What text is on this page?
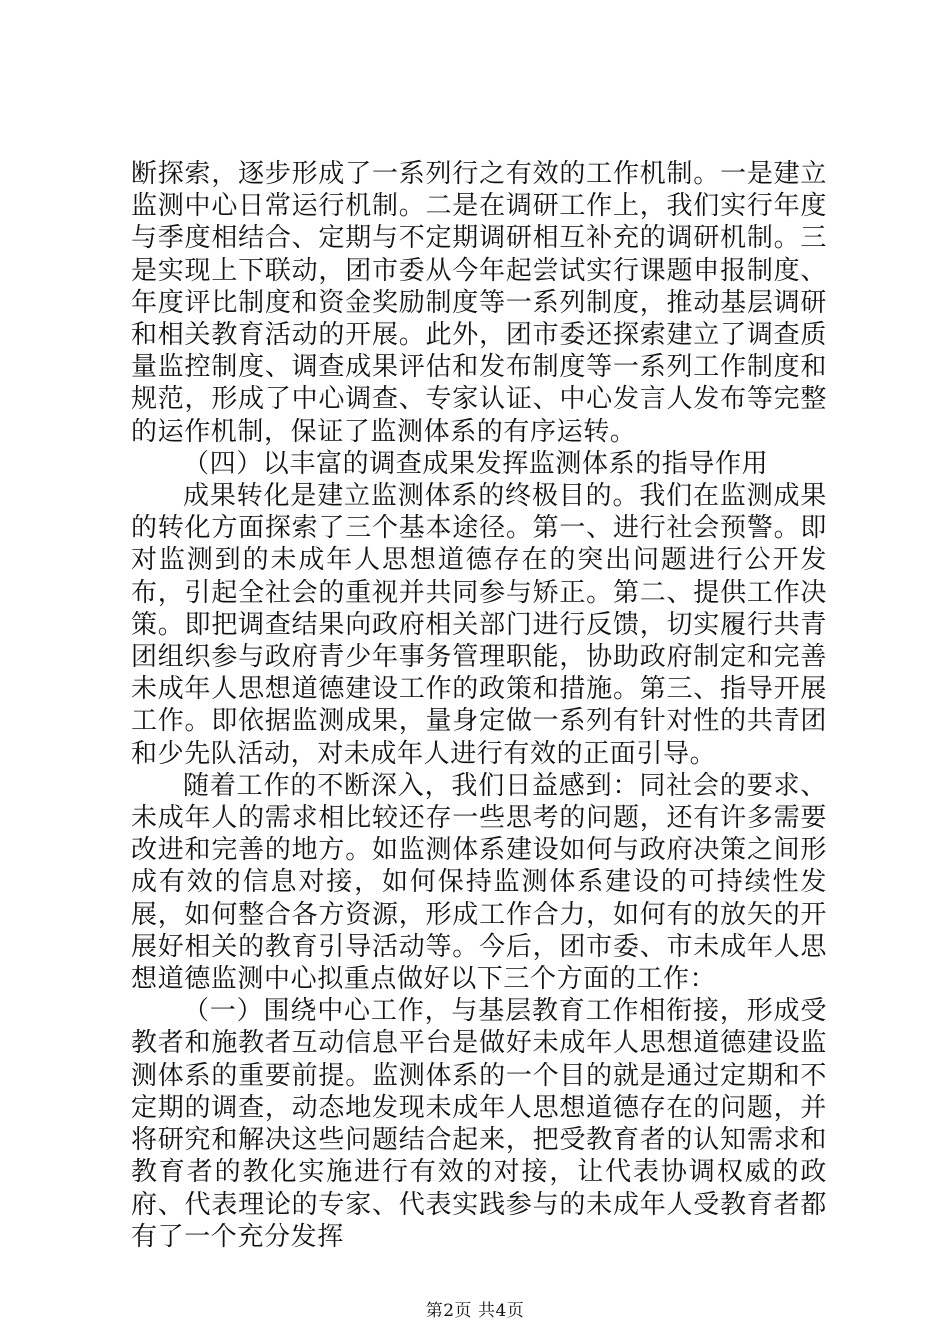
断探索，逐步形成了一系列行之有效的工作机制。一是建立监测中心日常运行机制。二是在调研工作上，我们实行年度与季度相结合、定期与不定期调研相互补充的调研机制。三是实现上下联动，团市委从今年起尝试实行课题申报制度、年度评比制度和资金奖励制度等一系列制度，推动基层调研和相关教育活动的开展。此外，团市委还探索建立了调查质量监控制度、调查成果评估和发布制度等一系列工作制度和规范，形成了中心调查、专家认证、中心发言人发布等完整的运作机制，保证了监测体系的有序运转。

（四）以丰富的调查成果发挥监测体系的指导作用

成果转化是建立监测体系的终极目的。我们在监测成果的转化方面探索了三个基本途径。第一、进行社会预警。即对监测到的未成年人思想道德存在的突出问题进行公开发布，引起全社会的重视并共同参与矫正。第二、提供工作决策。即把调查结果向政府相关部门进行反馈，切实履行共青团组织参与政府青少年事务管理职能，协助政府制定和完善未成年人思想道德建设工作的政策和措施。第三、指导开展工作。即依据监测成果，量身定做一系列有针对性的共青团和少先队活动，对未成年人进行有效的正面引导。

随着工作的不断深入，我们日益感到：同社会的要求、未成年人的需求相比较还存一些思考的问题，还有许多需要改进和完善的地方。如监测体系建设如何与政府决策之间形成有效的信息对接，如何保持监测体系建设的可持续性发展，如何整合各方资源，形成工作合力，如何有的放矢的开展好相关的教育引导活动等。今后，团市委、市未成年人思想道德监测中心拟重点做好以下三个方面的工作：

（一）围绕中心工作，与基层教育工作相衔接，形成受教者和施教者互动信息平台是做好未成年人思想道德建设监测体系的重要前提。监测体系的一个目的就是通过定期和不定期的调查，动态地发现未成年人思想道德存在的问题，并将研究和解决这些问题结合起来，把受教育者的认知需求和教育者的教化实施进行有效的对接，让代表协调权威的政府、代表理论的专家、代表实践参与的未成年人受教育者都有了一个充分发挥

第2页 共4页
